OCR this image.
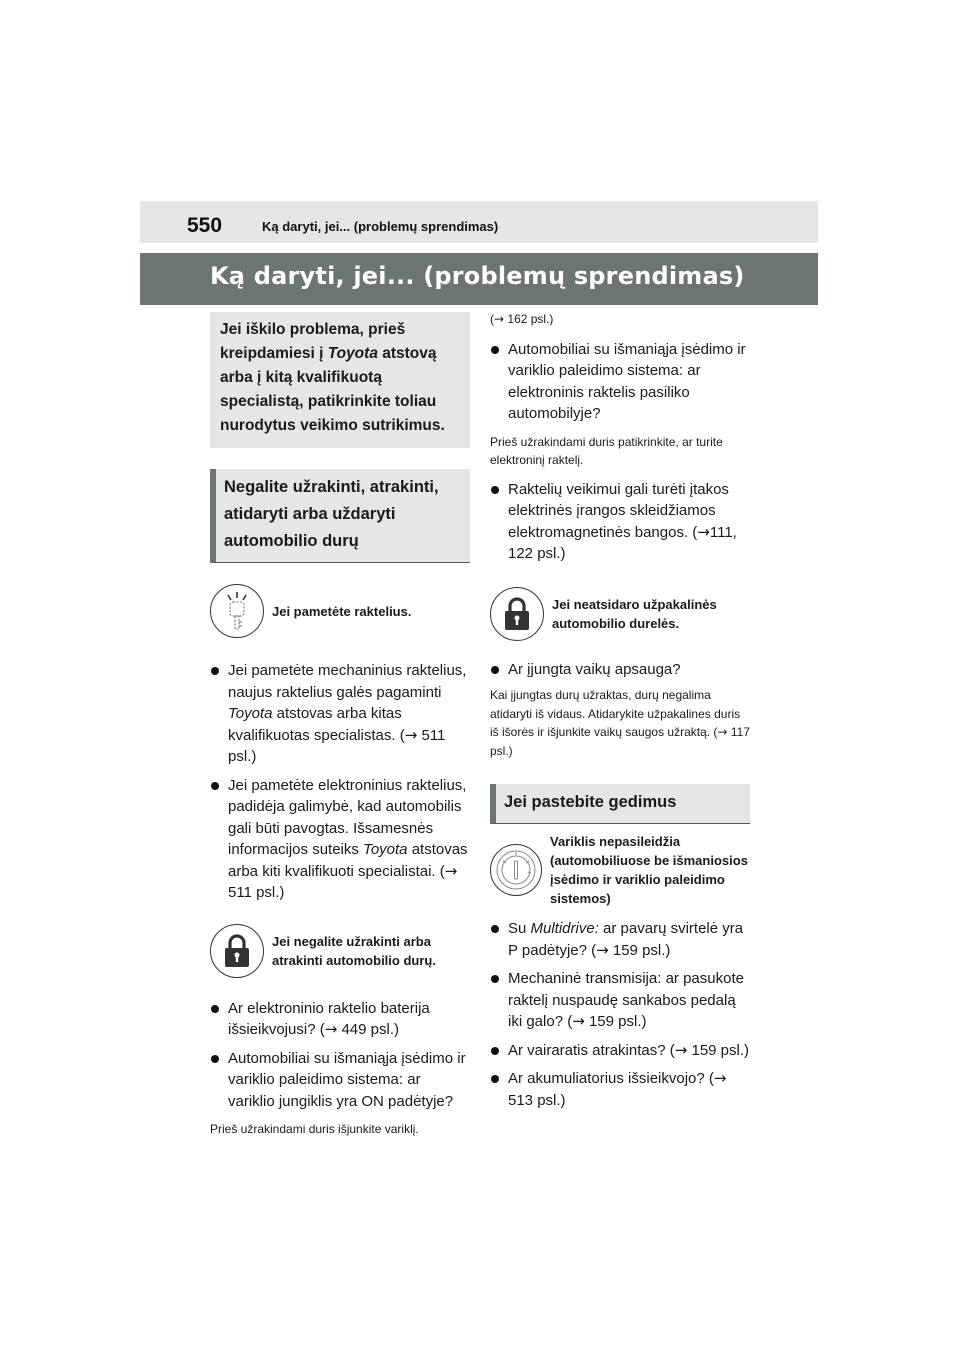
550	Ką daryti, jei... (problemų sprendimas)
Ką daryti, jei... (problemų sprendimas)
Jei iškilo problema, prieš kreipdamiesi į Toyota atstovą arba į kitą kvalifikuotą specialistą, patikrinkite toliau nurodytus veikimo sutrikimus.
Negalite užrakinti, atrakinti, atidaryti arba uždaryti automobilio durų
Jei pametėte raktelius.
Jei pametėte mechaninius raktelius, naujus raktelius galės pagaminti Toyota atstovas arba kitas kvalifikuotas specialistas. (→ 511 psl.)
Jei pametėte elektroninius raktelius, padidėja galimybė, kad automobilis gali būti pavogtas. Išsamesnės informacijos suteiks Toyota atstovas arba kiti kvalifikuoti specialistai. (→ 511 psl.)
Jei negalite užrakinti arba atrakinti automobilio durų.
Ar elektroninio raktelio baterija išsieikvojusi? (→ 449 psl.)
Automobiliai su išmaniąja įsėdimo ir variklio paleidimo sistema: ar variklio jungiklis yra ON padėtyje?
Prieš užrakindami duris išjunkite variklį.
(→ 162 psl.)
Automobiliai su išmaniąja įsėdimo ir variklio paleidimo sistema: ar elektroninis raktelis pasiliko automobilyje?
Prieš užrakindami duris patikrinkite, ar turite elektroninį raktelį.
Raktelių veikimui gali turėti įtakos elektrinės įrangos skleidžiamos elektromagnetinės bangos. (→111, 122 psl.)
Jei neatsidaro užpakalinės automobilio durelės.
Ar įjungta vaikų apsauga?
Kai įjungtas durų užraktas, durų negalima atidaryti iš vidaus. Atidarykite užpakalines duris iš išorės ir išjunkite vaikų saugos užraktą. (→ 117 psl.)
Jei pastebite gedimus
Variklis nepasileidžia (automobiliuose be išmaniosios įsėdimo ir variklio paleidimo sistemos)
Su Multidrive: ar pavarų svirtelė yra P padėtyje? (→ 159 psl.)
Mechaninė transmisija: ar pasukote raktelį nuspaudę sankabos pedalą iki galo? (→ 159 psl.)
Ar vairaratis atrakintas? (→ 159 psl.)
Ar akumuliatorius išsieikvojo? (→ 513 psl.)
